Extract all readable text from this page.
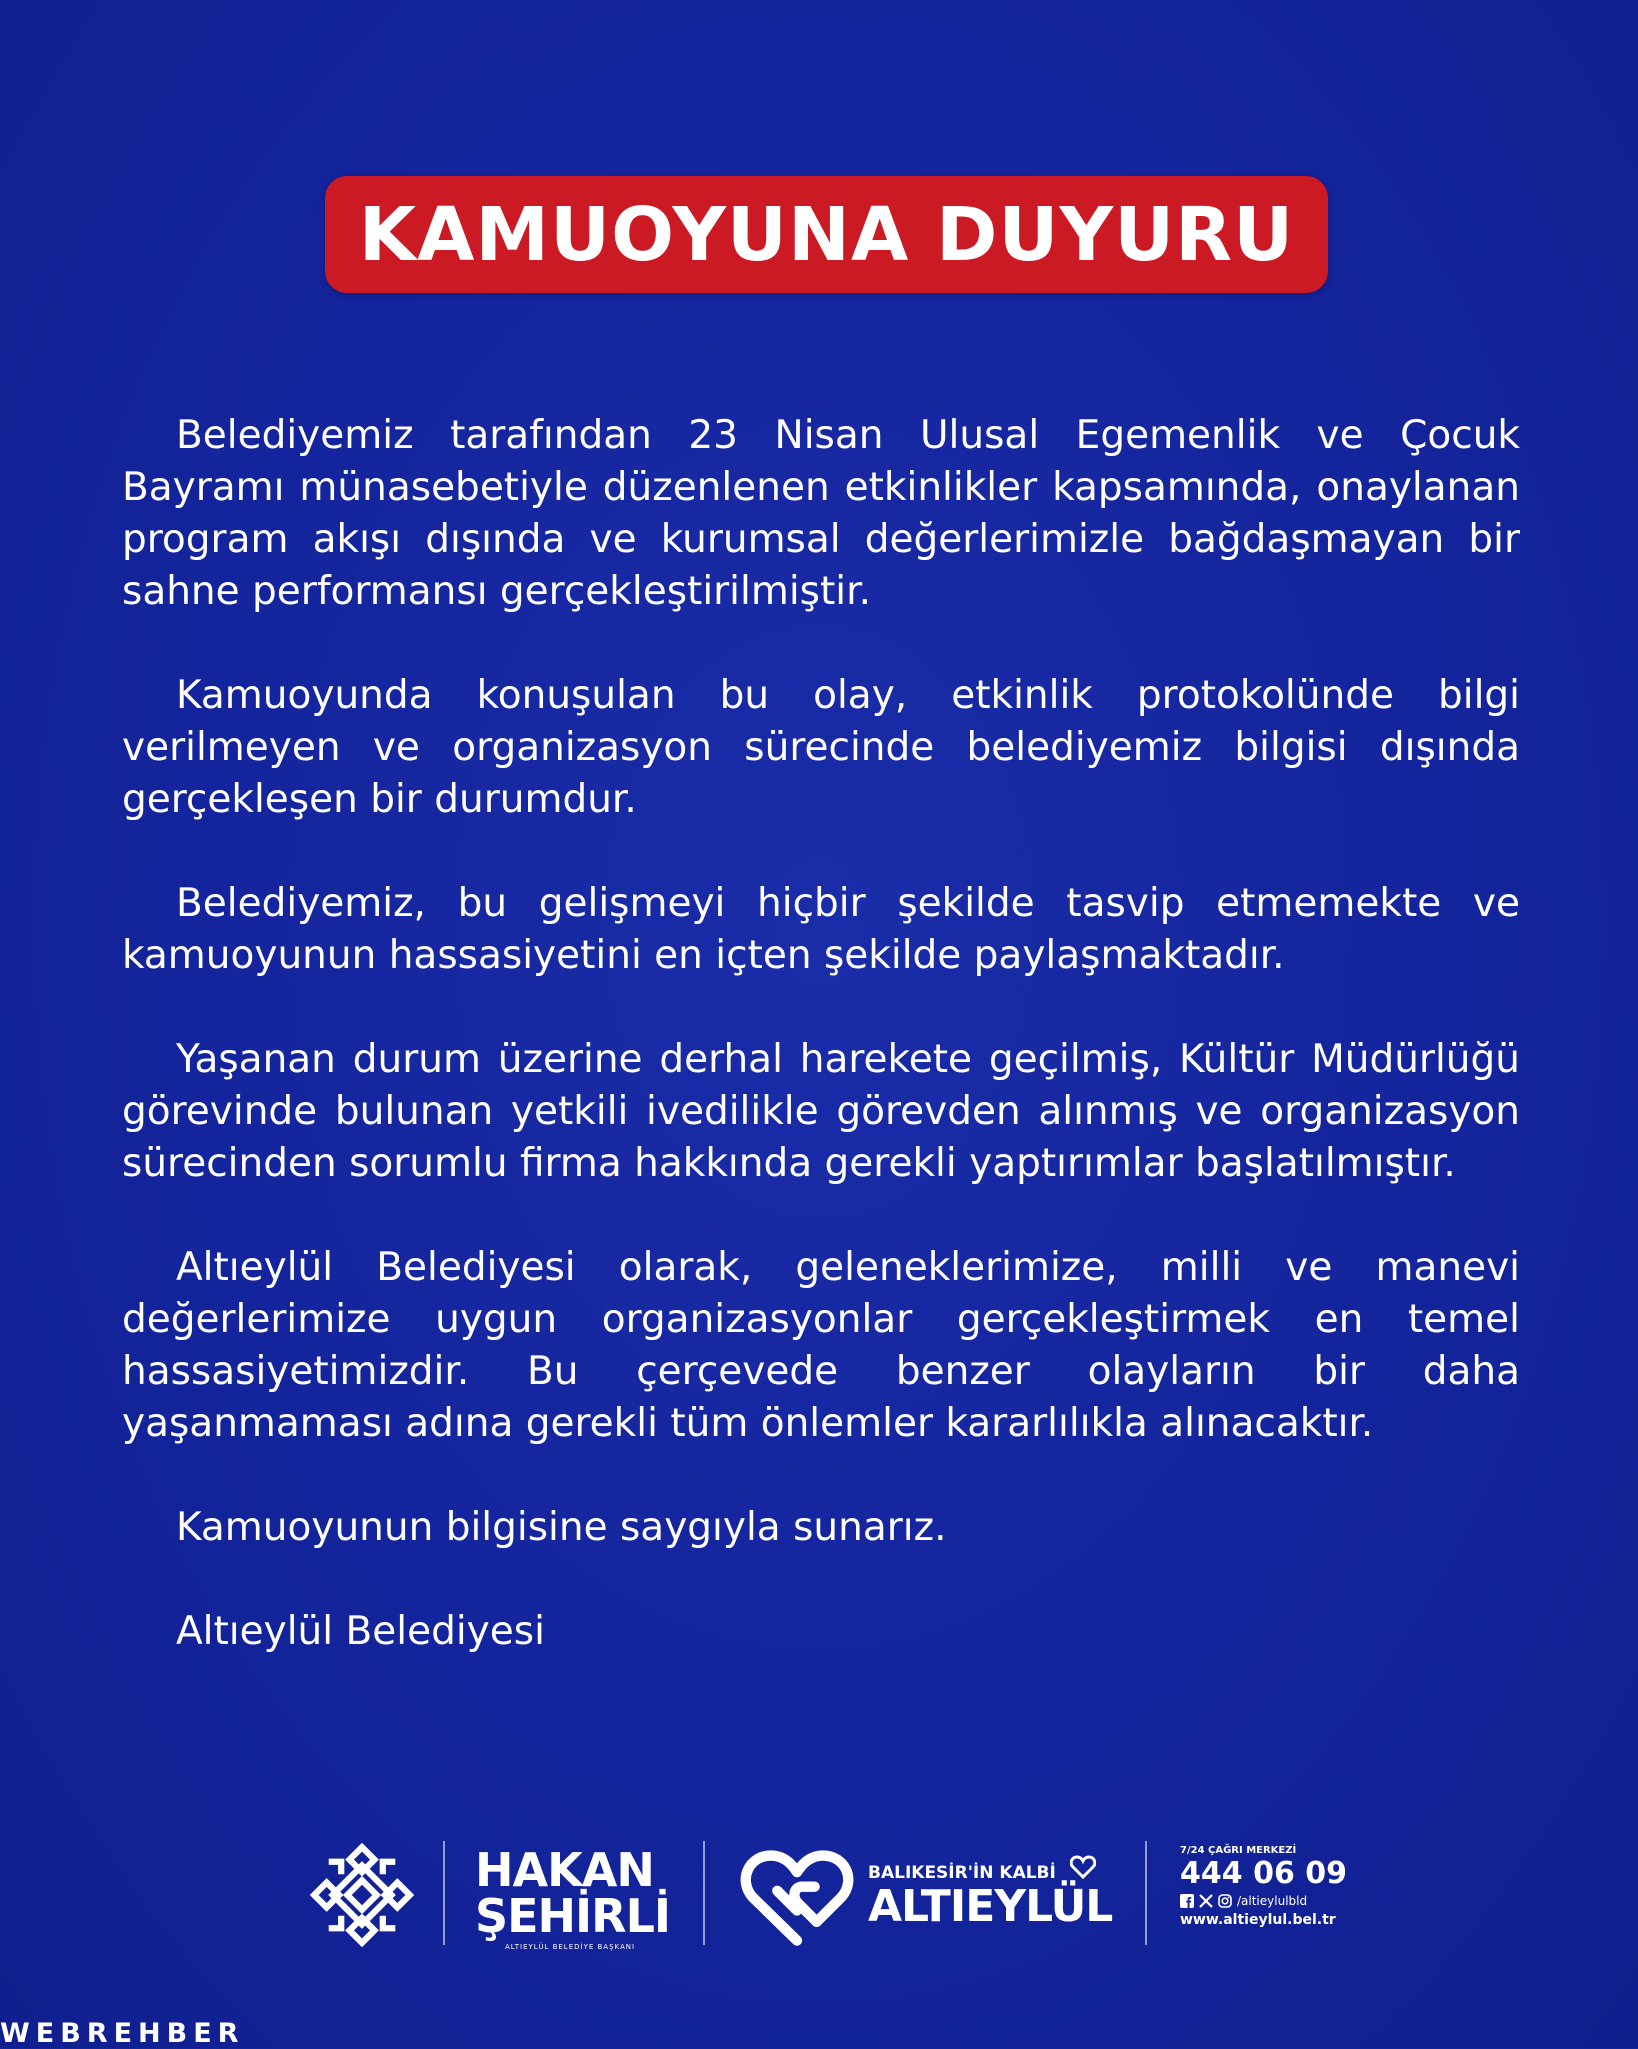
KAMUOYUNA DUYURU

Belediyemiz tarafından 23 Nisan Ulusal Egemenlik ve Çocuk Bayramı münasebetiyle düzenlenen etkinlikler kapsamında, onaylanan program akışı dışında ve kurumsal değerlerimizle bağdaşmayan bir sahne performansı gerçekleştirilmiştir.

Kamuoyunda konuşulan bu olay, etkinlik protokolünde bilgi verilmeyen ve organizasyon sürecinde belediyemiz bilgisi dışında gerçekleşen bir durumdur.

Belediyemiz, bu gelişmeyi hiçbir şekilde tasvip etmemekte ve kamuoyunun hassasiyetini en içten şekilde paylaşmaktadır.

Yaşanan durum üzerine derhal harekete geçilmiş, Kültür Müdürlüğü görevinde bulunan yetkili ivedilikle görevden alınmış ve organizasyon sürecinden sorumlu firma hakkında gerekli yaptırımlar başlatılmıştır.

Altıeylül Belediyesi olarak, geleneklerimize, milli ve manevi değerlerimize uygun organizasyonlar gerçekleştirmek en temel hassasiyetimizdir. Bu çerçevede benzer olayların bir daha yaşanmaması adına gerekli tüm önlemler kararlılıkla alınacaktır.

Kamuoyunun bilgisine saygıyla sunarız.

Altıeylül Belediyesi

HAKAN
ŞEHİRLİ
ALTIEYLÜL BELEDİYE BAŞKANI
BALIKESİR'İN KALBİ
ALTIEYLÜL
7/24 ÇAĞRI MERKEZİ
444 06 09
/altieylulbld
www.altieylul.bel.tr
WEBREHBER
